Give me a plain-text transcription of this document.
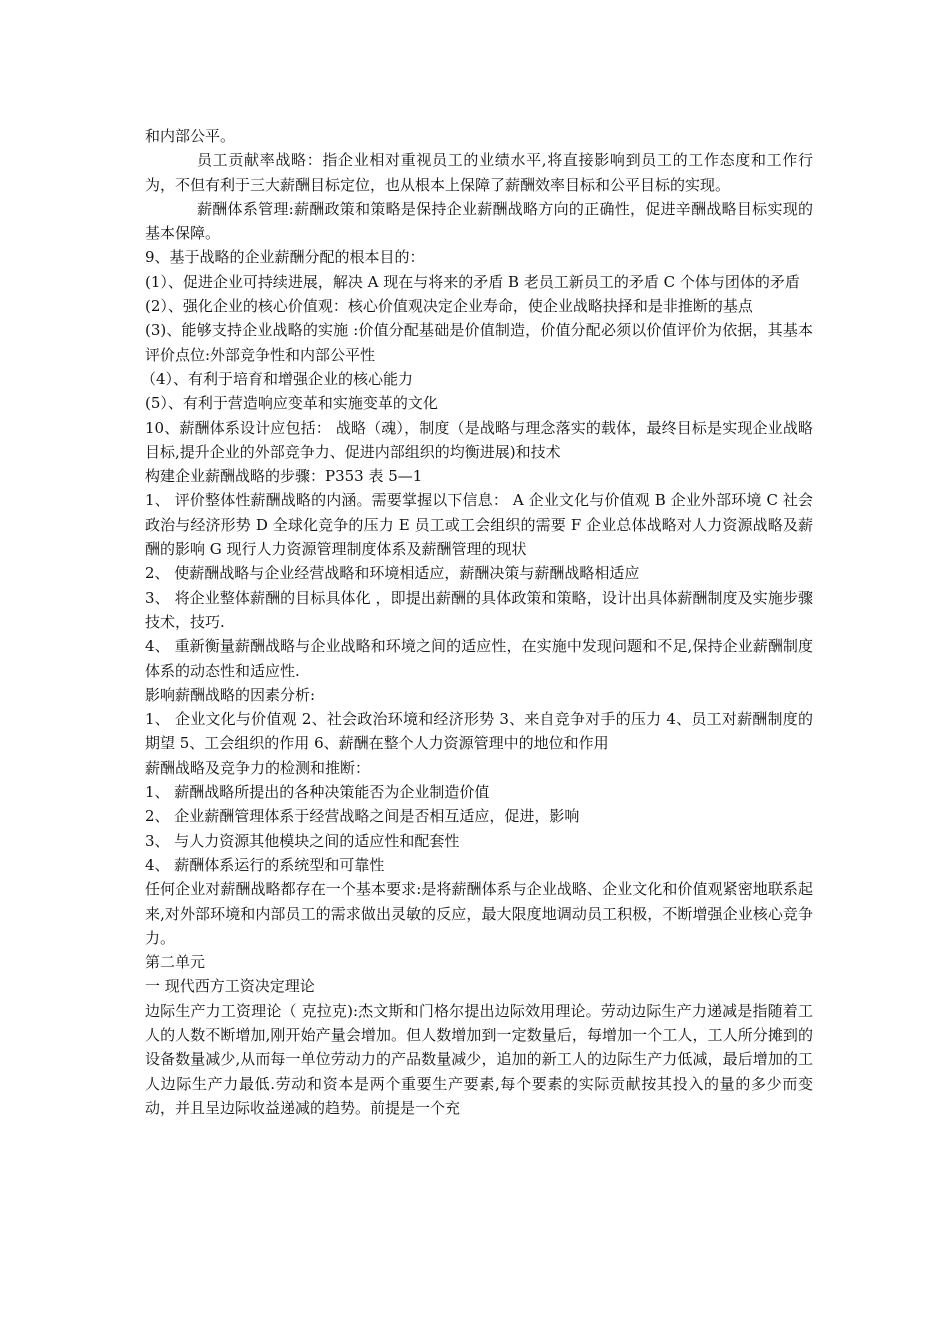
和内部公平。

员工贡献率战略：指企业相对重视员工的业绩水平,将直接影响到员工的工作态度和工作行为，不但有利于三大薪酬目标定位，也从根本上保障了薪酬效率目标和公平目标的实现。

薪酬体系管理:薪酬政策和策略是保持企业薪酬战略方向的正确性，促进辛酬战略目标实现的基本保障。

9、基于战略的企业薪酬分配的根本目的：

(1）、促进企业可持续进展，解决 A 现在与将来的矛盾 B 老员工新员工的矛盾 C 个体与团体的矛盾

(2）、强化企业的核心价值观：核心价值观决定企业寿命，使企业战略抉择和是非推断的基点

(3)、能够支持企业战略的实施 :价值分配基础是价值制造，价值分配必须以价值评价为依据，其基本评价点位:外部竞争性和内部公平性

（4）、有利于培育和增强企业的核心能力

(5）、有利于营造响应变革和实施变革的文化

10、薪酬体系设计应包括： 战略（魂），制度（是战略与理念落实的载体，最终目标是实现企业战略目标,提升企业的外部竞争力、促进内部组织的均衡进展)和技术

构建企业薪酬战略的步骤：P353 表 5—1

1、 评价整体性薪酬战略的内涵。需要掌握以下信息： A 企业文化与价值观 B 企业外部环境 C 社会政治与经济形势 D 全球化竞争的压力 E 员工或工会组织的需要 F 企业总体战略对人力资源战略及薪酬的影响 G 现行人力资源管理制度体系及薪酬管理的现状

2、 使薪酬战略与企业经营战略和环境相适应，薪酬决策与薪酬战略相适应

3、 将企业整体薪酬的目标具体化 ，即提出薪酬的具体政策和策略，设计出具体薪酬制度及实施步骤技术，技巧.

4、 重新衡量薪酬战略与企业战略和环境之间的适应性，在实施中发现问题和不足,保持企业薪酬制度体系的动态性和适应性.

影响薪酬战略的因素分析:

1、 企业文化与价值观 2、社会政治环境和经济形势 3、来自竞争对手的压力 4、员工对薪酬制度的期望 5、工会组织的作用 6、薪酬在整个人力资源管理中的地位和作用

薪酬战略及竞争力的检测和推断：

1、 薪酬战略所提出的各种决策能否为企业制造价值

2、 企业薪酬管理体系于经营战略之间是否相互适应，促进，影响

3、 与人力资源其他模块之间的适应性和配套性

4、 薪酬体系运行的系统型和可靠性

任何企业对薪酬战略都存在一个基本要求:是将薪酬体系与企业战略、企业文化和价值观紧密地联系起来,对外部环境和内部员工的需求做出灵敏的反应，最大限度地调动员工积极，不断增强企业核心竞争力。

第二单元

一 现代西方工资决定理论

边际生产力工资理论（ 克拉克):杰文斯和门格尔提出边际效用理论。劳动边际生产力递减是指随着工人的人数不断增加,刚开始产量会增加。但人数增加到一定数量后，每增加一个工人，工人所分摊到的设备数量减少,从而每一单位劳动力的产品数量减少，追加的新工人的边际生产力低减，最后增加的工人边际生产力最低.劳动和资本是两个重要生产要素,每个要素的实际贡献按其投入的量的多少而变动，并且呈边际收益递减的趋势。前提是一个充
